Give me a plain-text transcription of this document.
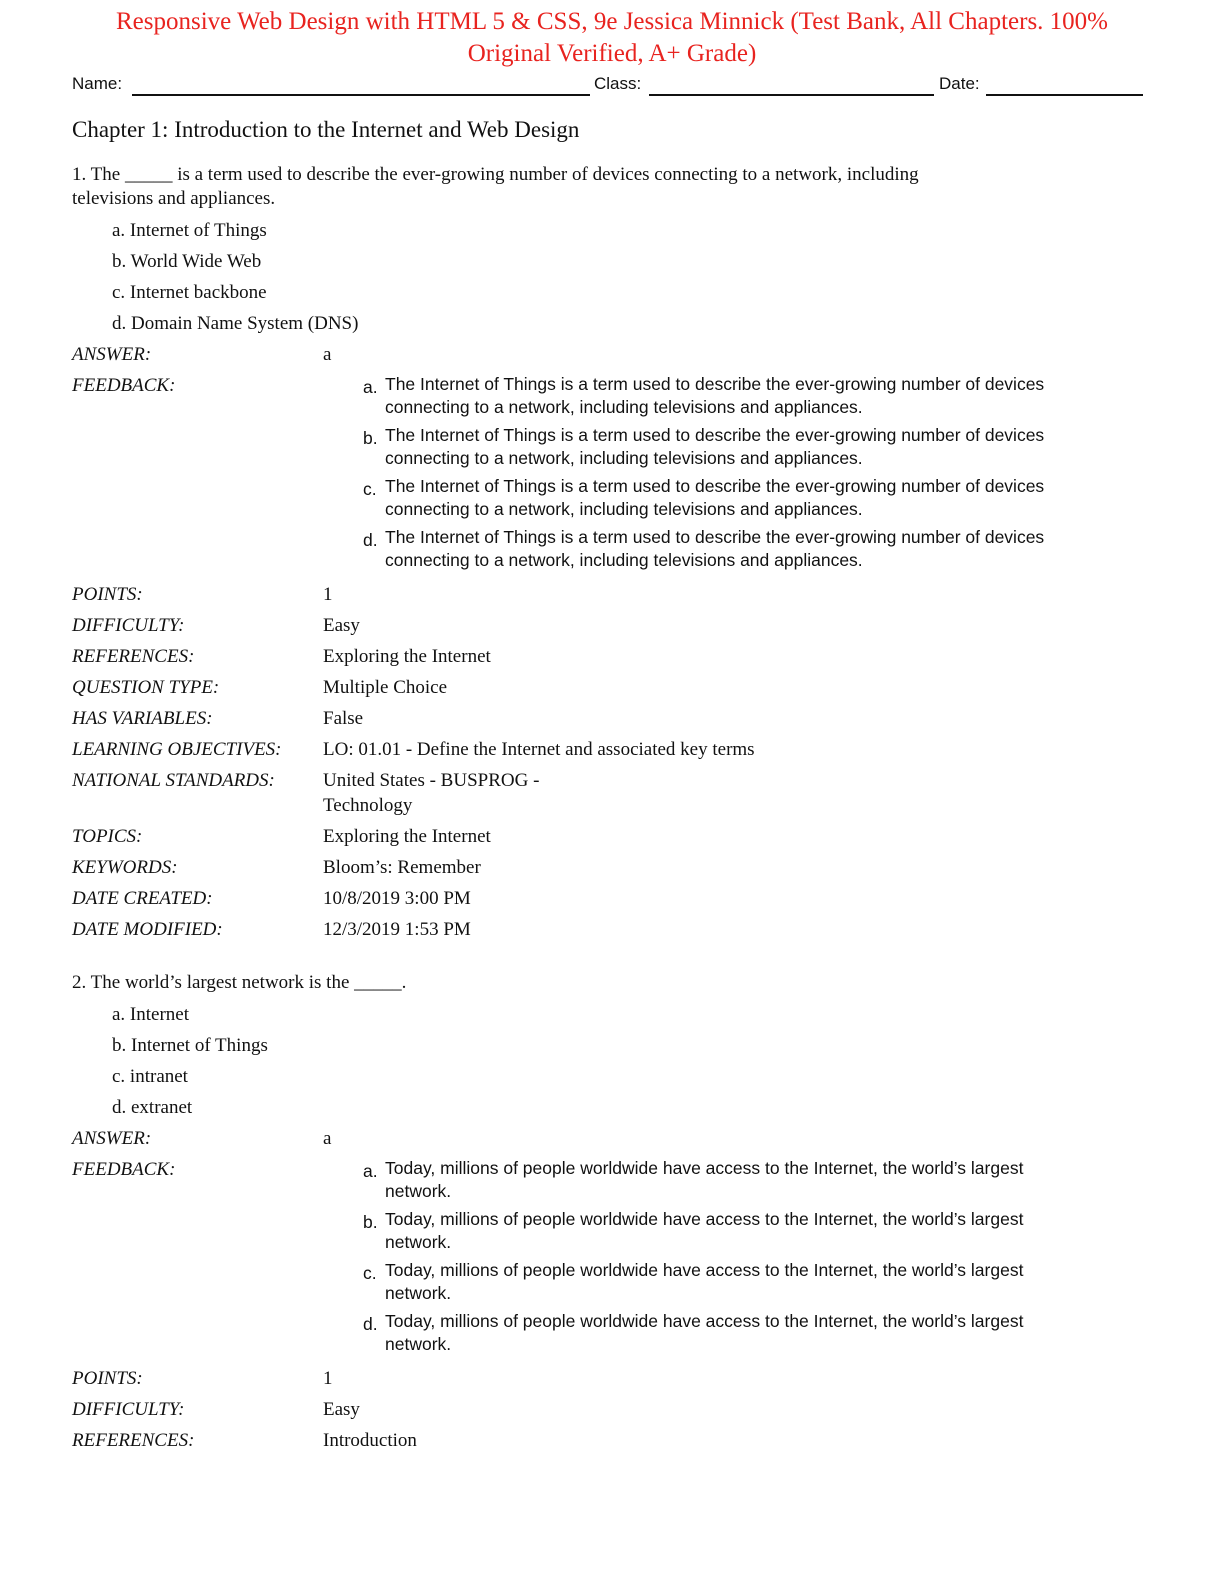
Responsive Web Design with HTML 5 & CSS, 9e Jessica Minnick (Test Bank, All Chapters. 100%
Original Verified, A+ Grade)
Name:	Class:	Date:
Chapter 1: Introduction to the Internet and Web Design

1. The _____ is a term used to describe the ever-growing number of devices connecting to a network, including
televisions and appliances.

a. Internet of Things
b. World Wide Web
c. Internet backbone
d. Domain Name System (DNS)
ANSWER:	a
FEEDBACK:	a. The Internet of Things is a term used to describe the ever-growing number of devices connecting to a network, including televisions and appliances.
b. The Internet of Things is a term used to describe the ever-growing number of devices connecting to a network, including televisions and appliances.
c. The Internet of Things is a term used to describe the ever-growing number of devices connecting to a network, including televisions and appliances.
d. The Internet of Things is a term used to describe the ever-growing number of devices connecting to a network, including televisions and appliances.
POINTS:	1
DIFFICULTY:	Easy
REFERENCES:	Exploring the Internet
QUESTION TYPE:	Multiple Choice
HAS VARIABLES:	False
LEARNING OBJECTIVES:	LO: 01.01 - Define the Internet and associated key terms
NATIONAL STANDARDS:	United States - BUSPROG -
Technology
TOPICS:	Exploring the Internet
KEYWORDS:	Bloom’s: Remember
DATE CREATED:	10/8/2019 3:00 PM
DATE MODIFIED:	12/3/2019 1:53 PM

2. The world’s largest network is the _____.

a. Internet
b. Internet of Things
c. intranet
d. extranet
ANSWER:	a
FEEDBACK:	a. Today, millions of people worldwide have access to the Internet, the world’s largest network.
b. Today, millions of people worldwide have access to the Internet, the world’s largest network.
c. Today, millions of people worldwide have access to the Internet, the world’s largest network.
d. Today, millions of people worldwide have access to the Internet, the world’s largest network.
POINTS:	1
DIFFICULTY:	Easy
REFERENCES:	Introduction
